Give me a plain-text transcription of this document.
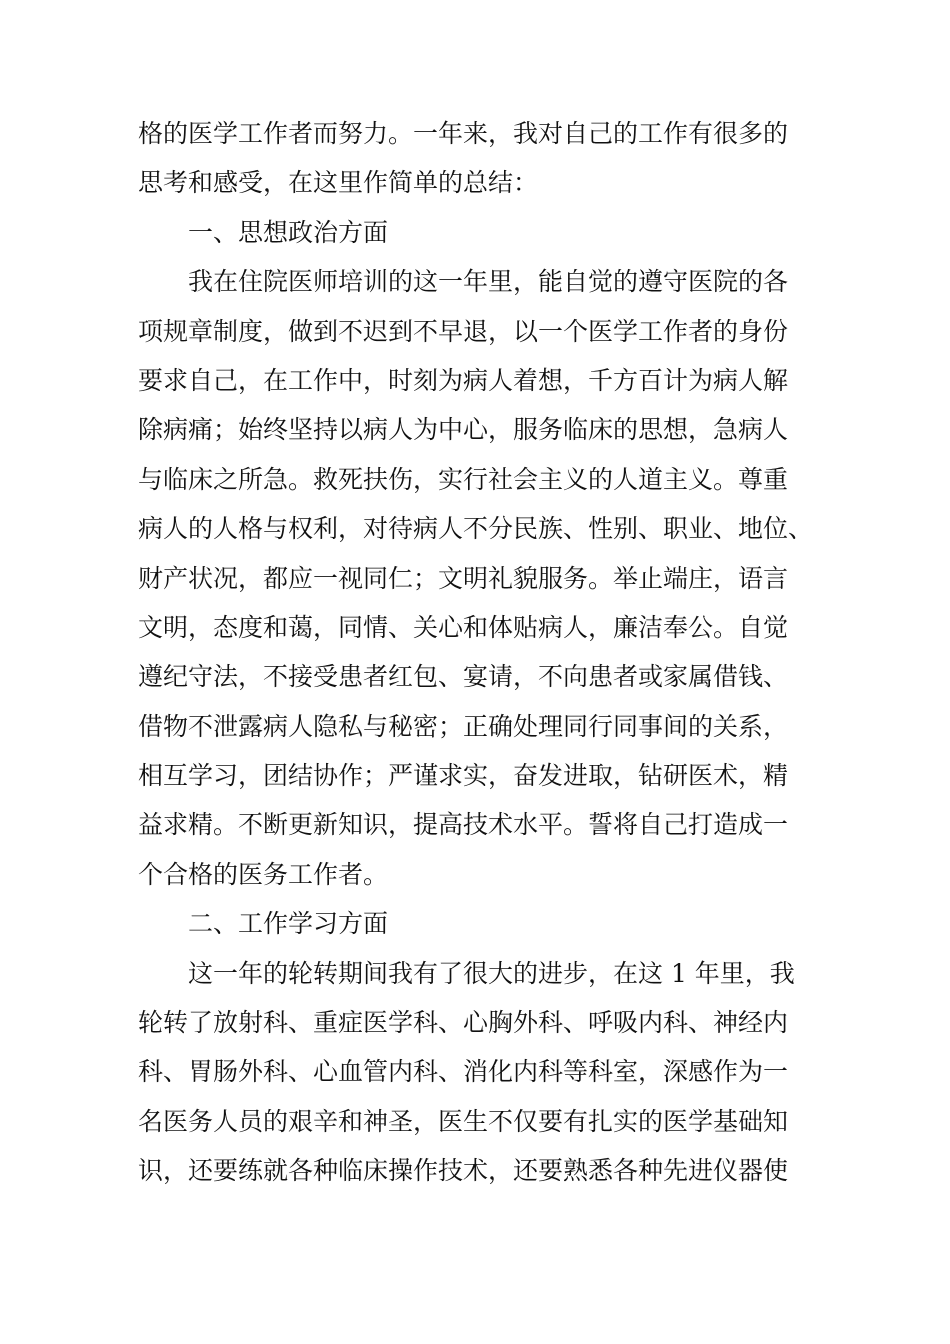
格的医学工作者而努力。一年来，我对自己的工作有很多的
思考和感受，在这里作简单的总结：
一、思想政治方面
我在住院医师培训的这一年里，能自觉的遵守医院的各
项规章制度，做到不迟到不早退，以一个医学工作者的身份
要求自己，在工作中，时刻为病人着想，千方百计为病人解
除病痛；始终坚持以病人为中心，服务临床的思想，急病人
与临床之所急。救死扶伤，实行社会主义的人道主义。尊重
病人的人格与权利，对待病人不分民族、性别、职业、地位、
财产状况，都应一视同仁；文明礼貌服务。举止端庄，语言
文明，态度和蔼，同情、关心和体贴病人，廉洁奉公。自觉
遵纪守法，不接受患者红包、宴请，不向患者或家属借钱、
借物不泄露病人隐私与秘密；正确处理同行同事间的关系，
相互学习，团结协作；严谨求实，奋发进取，钻研医术，精
益求精。不断更新知识，提高技术水平。誓将自己打造成一
个合格的医务工作者。
二、工作学习方面
这一年的轮转期间我有了很大的进步，在这 1 年里，我
轮转了放射科、重症医学科、心胸外科、呼吸内科、神经内
科、胃肠外科、心血管内科、消化内科等科室，深感作为一
名医务人员的艰辛和神圣，医生不仅要有扎实的医学基础知
识，还要练就各种临床操作技术，还要熟悉各种先进仪器使
